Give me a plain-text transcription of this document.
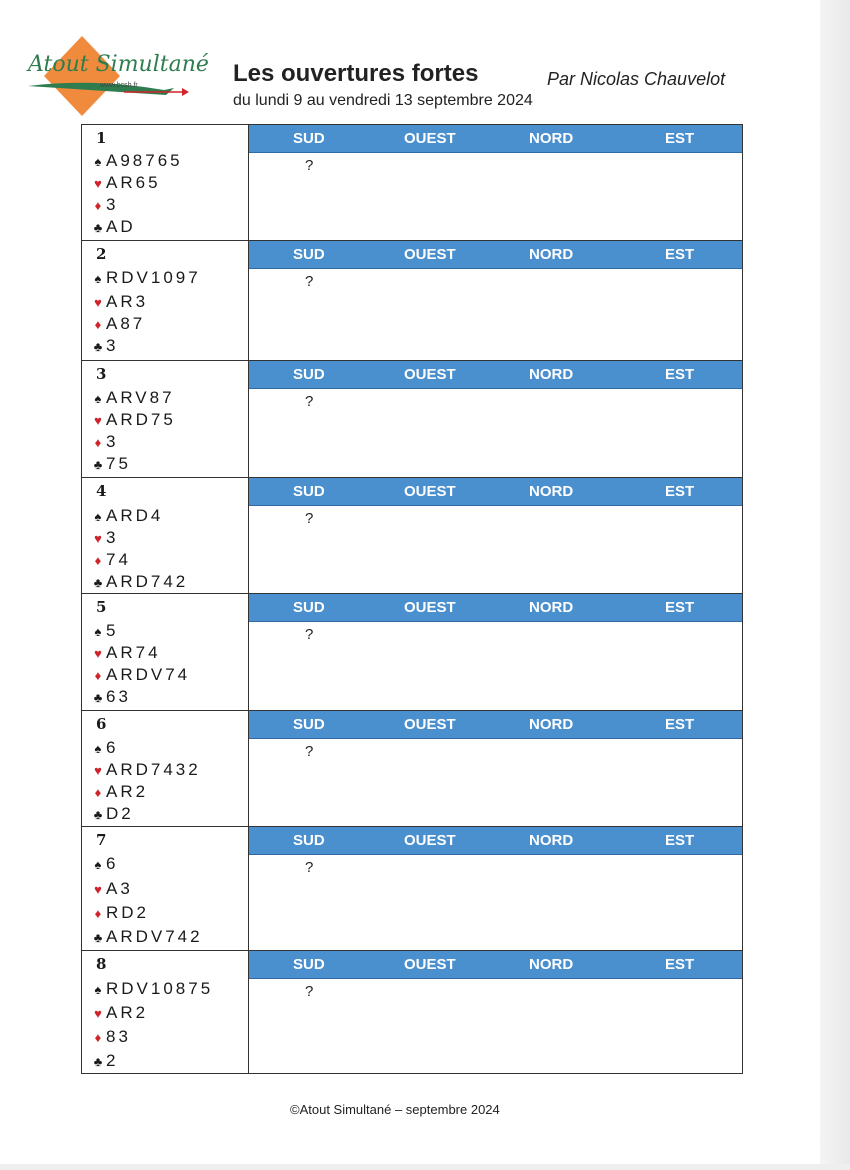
Atout Simultané
www.bcsh.fr	Les ouvertures fortes	Par Nicolas Chauvelot
du lundi 9 au vendredi 13 septembre 2024
1
♠ A98765
♥ AR65
♦ 3
♣ AD
SUD	OUEST	NORD	EST
?
2
♠ RDV1097
♥ AR3
♦ A87
♣ 3
SUD	OUEST	NORD	EST
?
3
♠ ARV87
♥ ARD75
♦ 3
♣ 75
SUD	OUEST	NORD	EST
?
4
♠ ARD4
♥ 3
♦ 74
♣ ARD742
SUD	OUEST	NORD	EST
?
5
♠ 5
♥ AR74
♦ ARDV74
♣ 63
SUD	OUEST	NORD	EST
?
6
♠ 6
♥ ARD7432
♦ AR2
♣ D2
SUD	OUEST	NORD	EST
?
7
♠ 6
♥ A3
♦ RD2
♣ ARDV742
SUD	OUEST	NORD	EST
?
8
♠ RDV10875
♥ AR2
♦ 83
♣ 2
SUD	OUEST	NORD	EST
?
©Atout Simultané – septembre 2024
